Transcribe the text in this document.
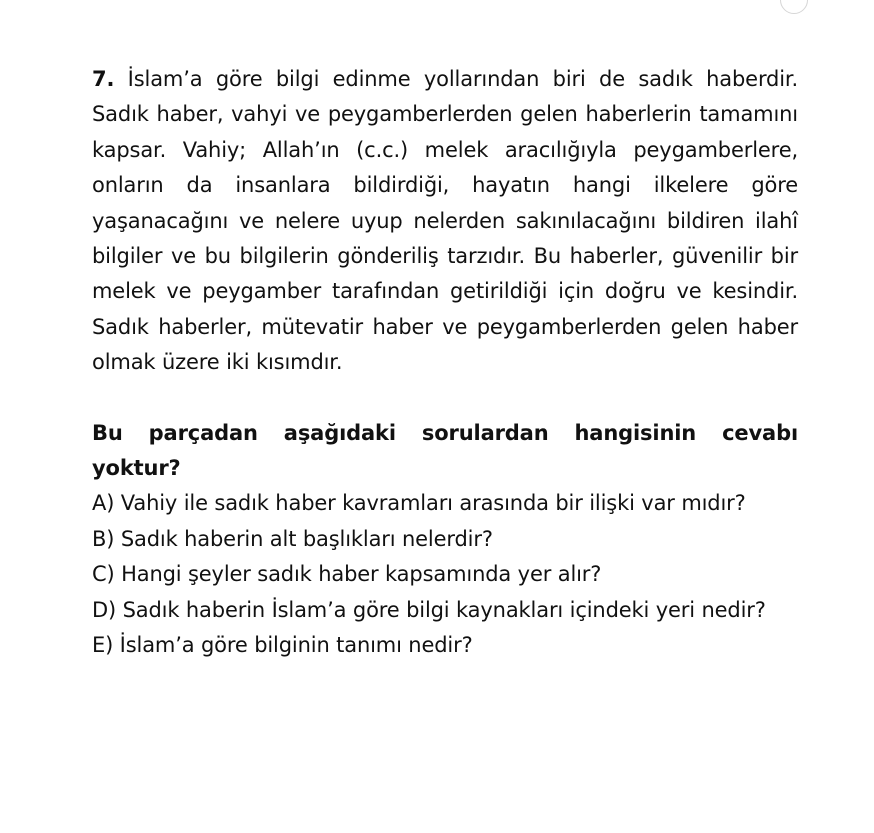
7. İslam’a göre bilgi edinme yollarından biri de sadık haberdir. Sadık haber, vahyi ve peygamberlerden gelen haberlerin tamamını kapsar. Vahiy; Allah’ın (c.c.) melek aracılığıyla peygamberlere, onların da insanlara bildirdiği, hayatın hangi ilkelere göre yaşanacağını ve nelere uyup nelerden sakınılacağını bildiren ilahî bilgiler ve bu bilgilerin gönderiliş tarzıdır. Bu haberler, güvenilir bir melek ve peygamber tarafından getirildiği için doğru ve kesindir. Sadık haberler, mütevatir haber ve peygamberlerden gelen haber olmak üzere iki kısımdır.

Bu parçadan aşağıdaki sorulardan hangisinin cevabı yoktur?

A) Vahiy ile sadık haber kavramları arasında bir ilişki var mıdır?
B) Sadık haberin alt başlıkları nelerdir?
C) Hangi şeyler sadık haber kapsamında yer alır?
D) Sadık haberin İslam’a göre bilgi kaynakları içindeki yeri nedir?
E) İslam’a göre bilginin tanımı nedir?
